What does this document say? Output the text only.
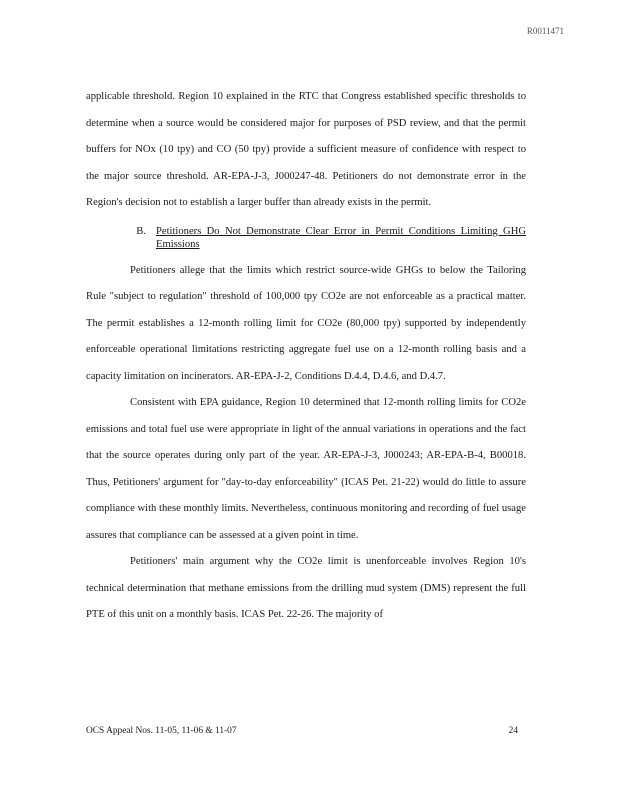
R0011471

applicable threshold. Region 10 explained in the RTC that Congress established specific thresholds to determine when a source would be considered major for purposes of PSD review, and that the permit buffers for NOx (10 tpy) and CO (50 tpy) provide a sufficient measure of confidence with respect to the major source threshold. AR-EPA-J-3, J000247-48. Petitioners do not demonstrate error in the Region's decision not to establish a larger buffer than already exists in the permit.

B. Petitioners Do Not Demonstrate Clear Error in Permit Conditions Limiting GHG Emissions

Petitioners allege that the limits which restrict source-wide GHGs to below the Tailoring Rule "subject to regulation" threshold of 100,000 tpy CO2e are not enforceable as a practical matter. The permit establishes a 12-month rolling limit for CO2e (80,000 tpy) supported by independently enforceable operational limitations restricting aggregate fuel use on a 12-month rolling basis and a capacity limitation on incinerators. AR-EPA-J-2, Conditions D.4.4, D.4.6, and D.4.7.

Consistent with EPA guidance, Region 10 determined that 12-month rolling limits for CO2e emissions and total fuel use were appropriate in light of the annual variations in operations and the fact that the source operates during only part of the year. AR-EPA-J-3, J000243; AR-EPA-B-4, B00018. Thus, Petitioners' argument for "day-to-day enforceability" (ICAS Pet. 21-22) would do little to assure compliance with these monthly limits. Nevertheless, continuous monitoring and recording of fuel usage assures that compliance can be assessed at a given point in time.

Petitioners' main argument why the CO2e limit is unenforceable involves Region 10's technical determination that methane emissions from the drilling mud system (DMS) represent the full PTE of this unit on a monthly basis. ICAS Pet. 22-26. The majority of

OCS Appeal Nos. 11-05, 11-06 & 11-07	24
